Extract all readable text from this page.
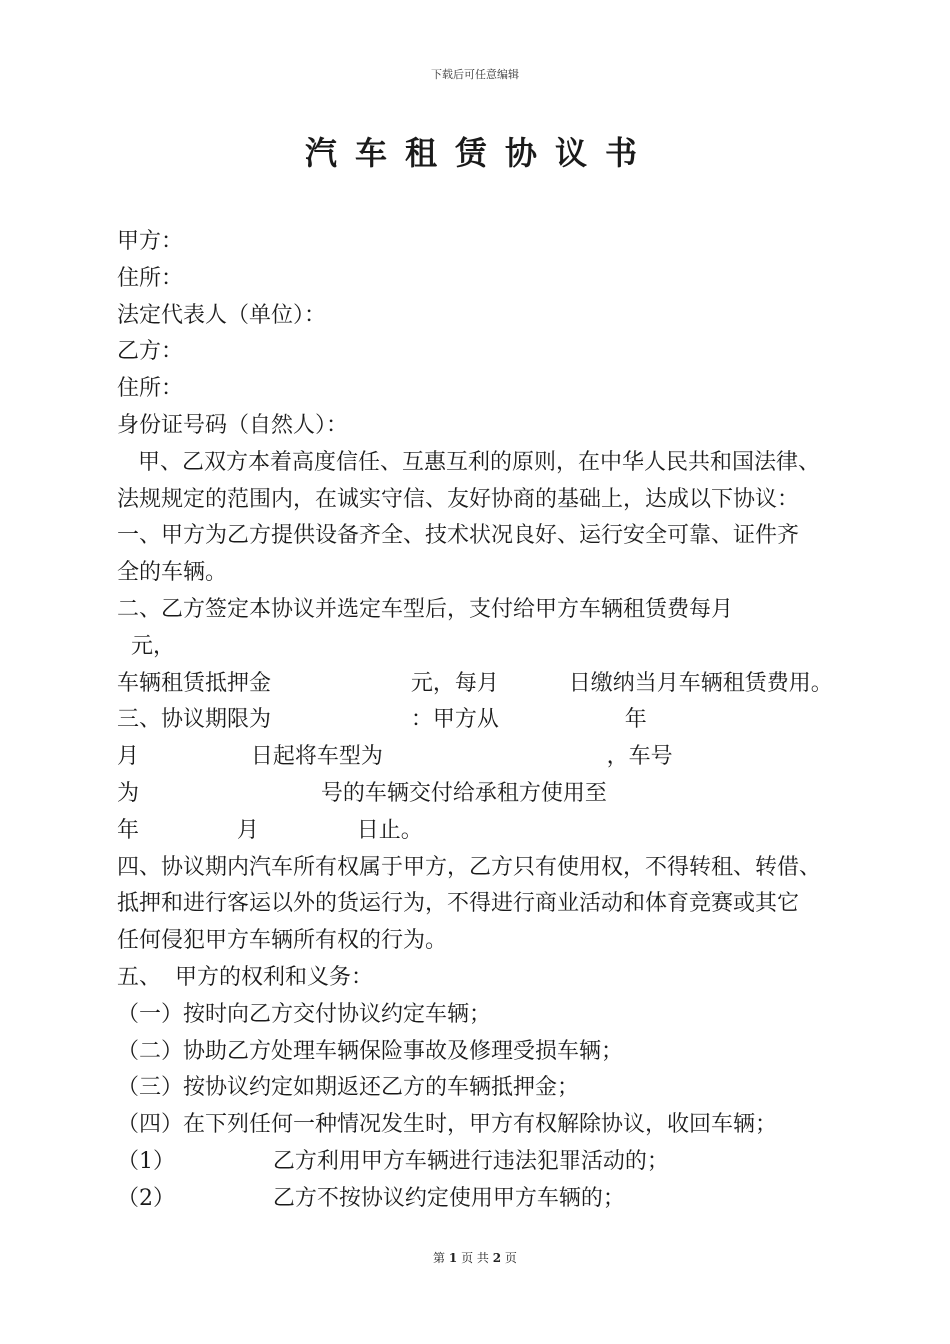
下载后可任意编辑
汽车租赁协议书
甲方：
住所：
法定代表人（单位）：
乙方：
住所：
身份证号码（自然人）：
甲、乙双方本着高度信任、互惠互利的原则，在中华人民共和国法律、
法规规定的范围内，在诚实守信、友好协商的基础上，达成以下协议：
一、甲方为乙方提供设备齐全、技术状况良好、运行安全可靠、证件齐
全的车辆。
二、乙方签定本协议并选定车型后，支付给甲方车辆租赁费每月
元，
车辆租赁抵押金                    元，每月          日缴纳当月车辆租赁费用。
三、协议期限为                    ：甲方从                  年
月                日起将车型为                                ，车号
为                          号的车辆交付给承租方使用至
年              月              日止。
四、协议期内汽车所有权属于甲方，乙方只有使用权，不得转租、转借、
抵押和进行客运以外的货运行为，不得进行商业活动和体育竞赛或其它
任何侵犯甲方车辆所有权的行为。
五、  甲方的权利和义务：
（一）按时向乙方交付协议约定车辆；
（二）协助乙方处理车辆保险事故及修理受损车辆；
（三）按协议约定如期返还乙方的车辆抵押金；
（四）在下列任何一种情况发生时，甲方有权解除协议，收回车辆；
（1）              乙方利用甲方车辆进行违法犯罪活动的；
（2）              乙方不按协议约定使用甲方车辆的；
第 1 页 共 2 页
